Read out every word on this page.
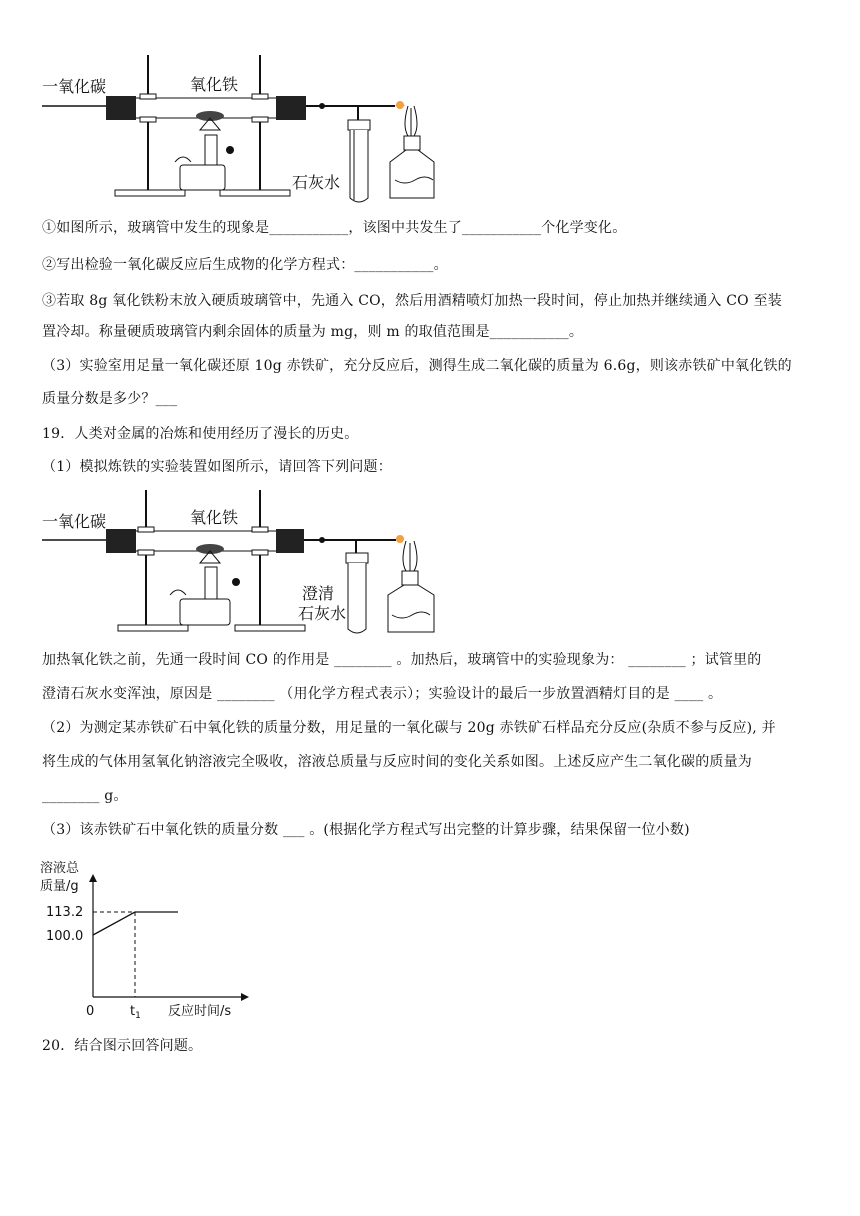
一氧化碳	氧化铁
石灰水
①如图所示，玻璃管中发生的现象是___________，该图中共发生了___________个化学变化。
②写出检验一氧化碳反应后生成物的化学方程式：___________。
③若取 8g 氧化铁粉末放入硬质玻璃管中，先通入 CO，然后用酒精喷灯加热一段时间，停止加热并继续通入 CO 至装
置冷却。称量硬质玻璃管内剩余固体的质量为 mg，则 m 的取值范围是___________。
（3）实验室用足量一氧化碳还原 10g 赤铁矿，充分反应后，测得生成二氧化碳的质量为 6.6g，则该赤铁矿中氧化铁的
质量分数是多少？___
19．人类对金属的冶炼和使用经历了漫长的历史。
（1）模拟炼铁的实验装置如图所示，请回答下列问题：
一氧化碳	氧化铁
澄清
石灰水
加热氧化铁之前，先通一段时间 CO 的作用是 ________ 。加热后，玻璃管中的实验现象为： ________ ；试管里的
澄清石灰水变浑浊，原因是 ________ （用化学方程式表示）；实验设计的最后一步放置酒精灯目的是 ____ 。
（2）为测定某赤铁矿石中氧化铁的质量分数，用足量的一氧化碳与 20g 赤铁矿石样品充分反应(杂质不参与反应), 并
将生成的气体用氢氧化钠溶液完全吸收，溶液总质量与反应时间的变化关系如图。上述反应产生二氧化碳的质量为
________ g。
（3）该赤铁矿石中氧化铁的质量分数 ___ 。(根据化学方程式写出完整的计算步骤，结果保留一位小数)
溶液总
质量/g
113.2
100.0
0	$t_1$ 反应时间/s
20．结合图示回答问题。
